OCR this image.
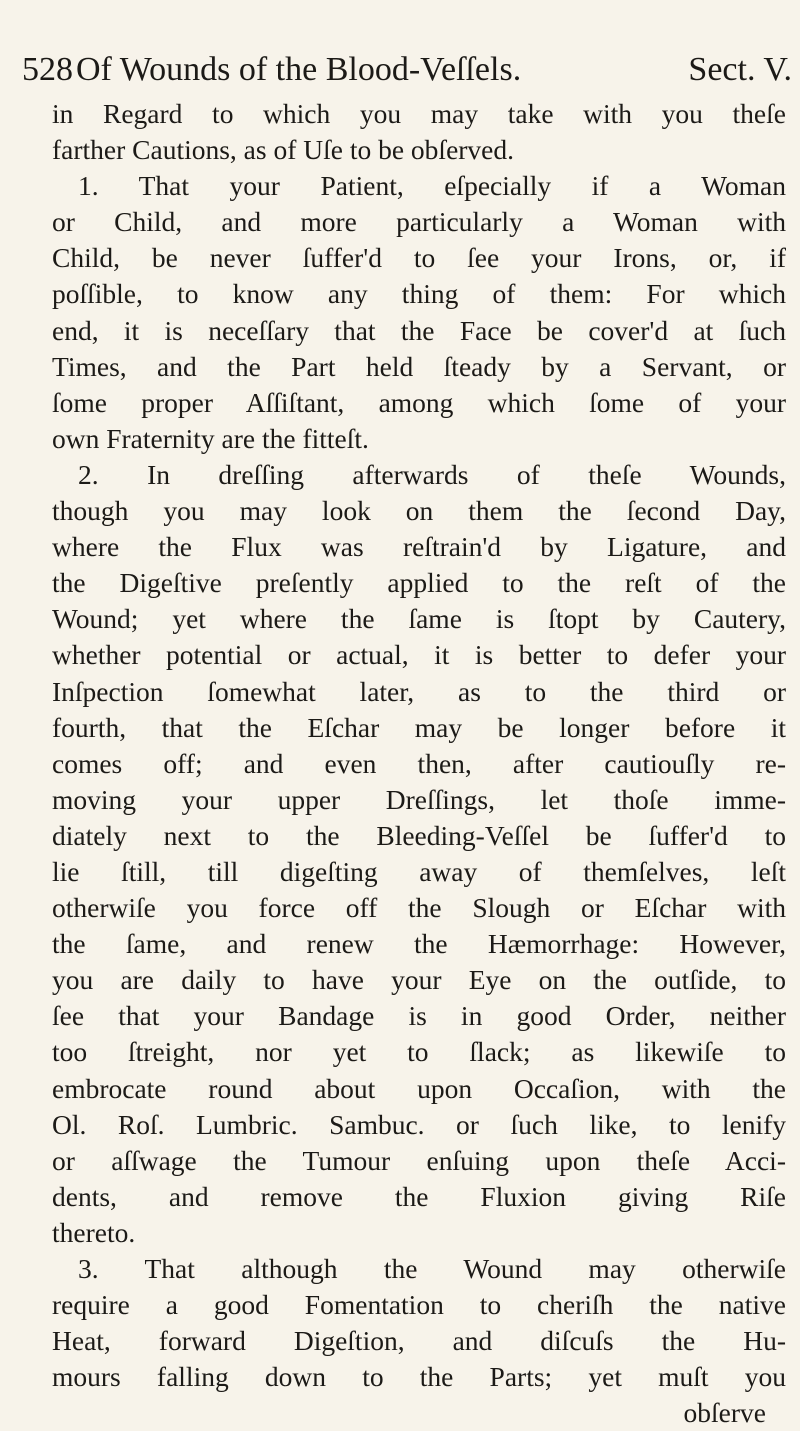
528 Of Wounds of the Blood-Veſſels.	Sect. V.
in Regard to which you may take with you theſe
farther Cautions, as of Uſe to be obſerved.
1. That your Patient, eſpecially if a Woman
or Child, and more particularly a Woman with
Child, be never ſuffer'd to ſee your Irons, or, if
poſſible, to know any thing of them: For which
end, it is neceſſary that the Face be cover'd at ſuch
Times, and the Part held ſteady by a Servant, or
ſome proper Aſſiſtant, among which ſome of your
own Fraternity are the fitteſt.
2. In dreſſing afterwards of theſe Wounds,
though you may look on them the ſecond Day,
where the Flux was reſtrain'd by Ligature, and
the Digeſtive preſently applied to the reſt of the
Wound; yet where the ſame is ſtopt by Cautery,
whether potential or actual, it is better to defer your
Inſpection ſomewhat later, as to the third or
fourth, that the Eſchar may be longer before it
comes off; and even then, after cautiouſly re-
moving your upper Dreſſings, let thoſe imme-
diately next to the Bleeding-Veſſel be ſuffer'd to
lie ſtill, till digeſting away of themſelves, leſt
otherwiſe you force off the Slough or Eſchar with
the ſame, and renew the Hæmorrhage: However,
you are daily to have your Eye on the outſide, to
ſee that your Bandage is in good Order, neither
too ſtreight, nor yet to ſlack; as likewiſe to
embrocate round about upon Occaſion, with the
Ol. Roſ. Lumbric. Sambuc. or ſuch like, to lenify
or aſſwage the Tumour enſuing upon theſe Acci-
dents, and remove the Fluxion giving Riſe
thereto.
3. That although the Wound may otherwiſe
require a good Fomentation to cheriſh the native
Heat, forward Digeſtion, and diſcuſs the Hu-
mours falling down to the Parts; yet muſt you
obſerve
